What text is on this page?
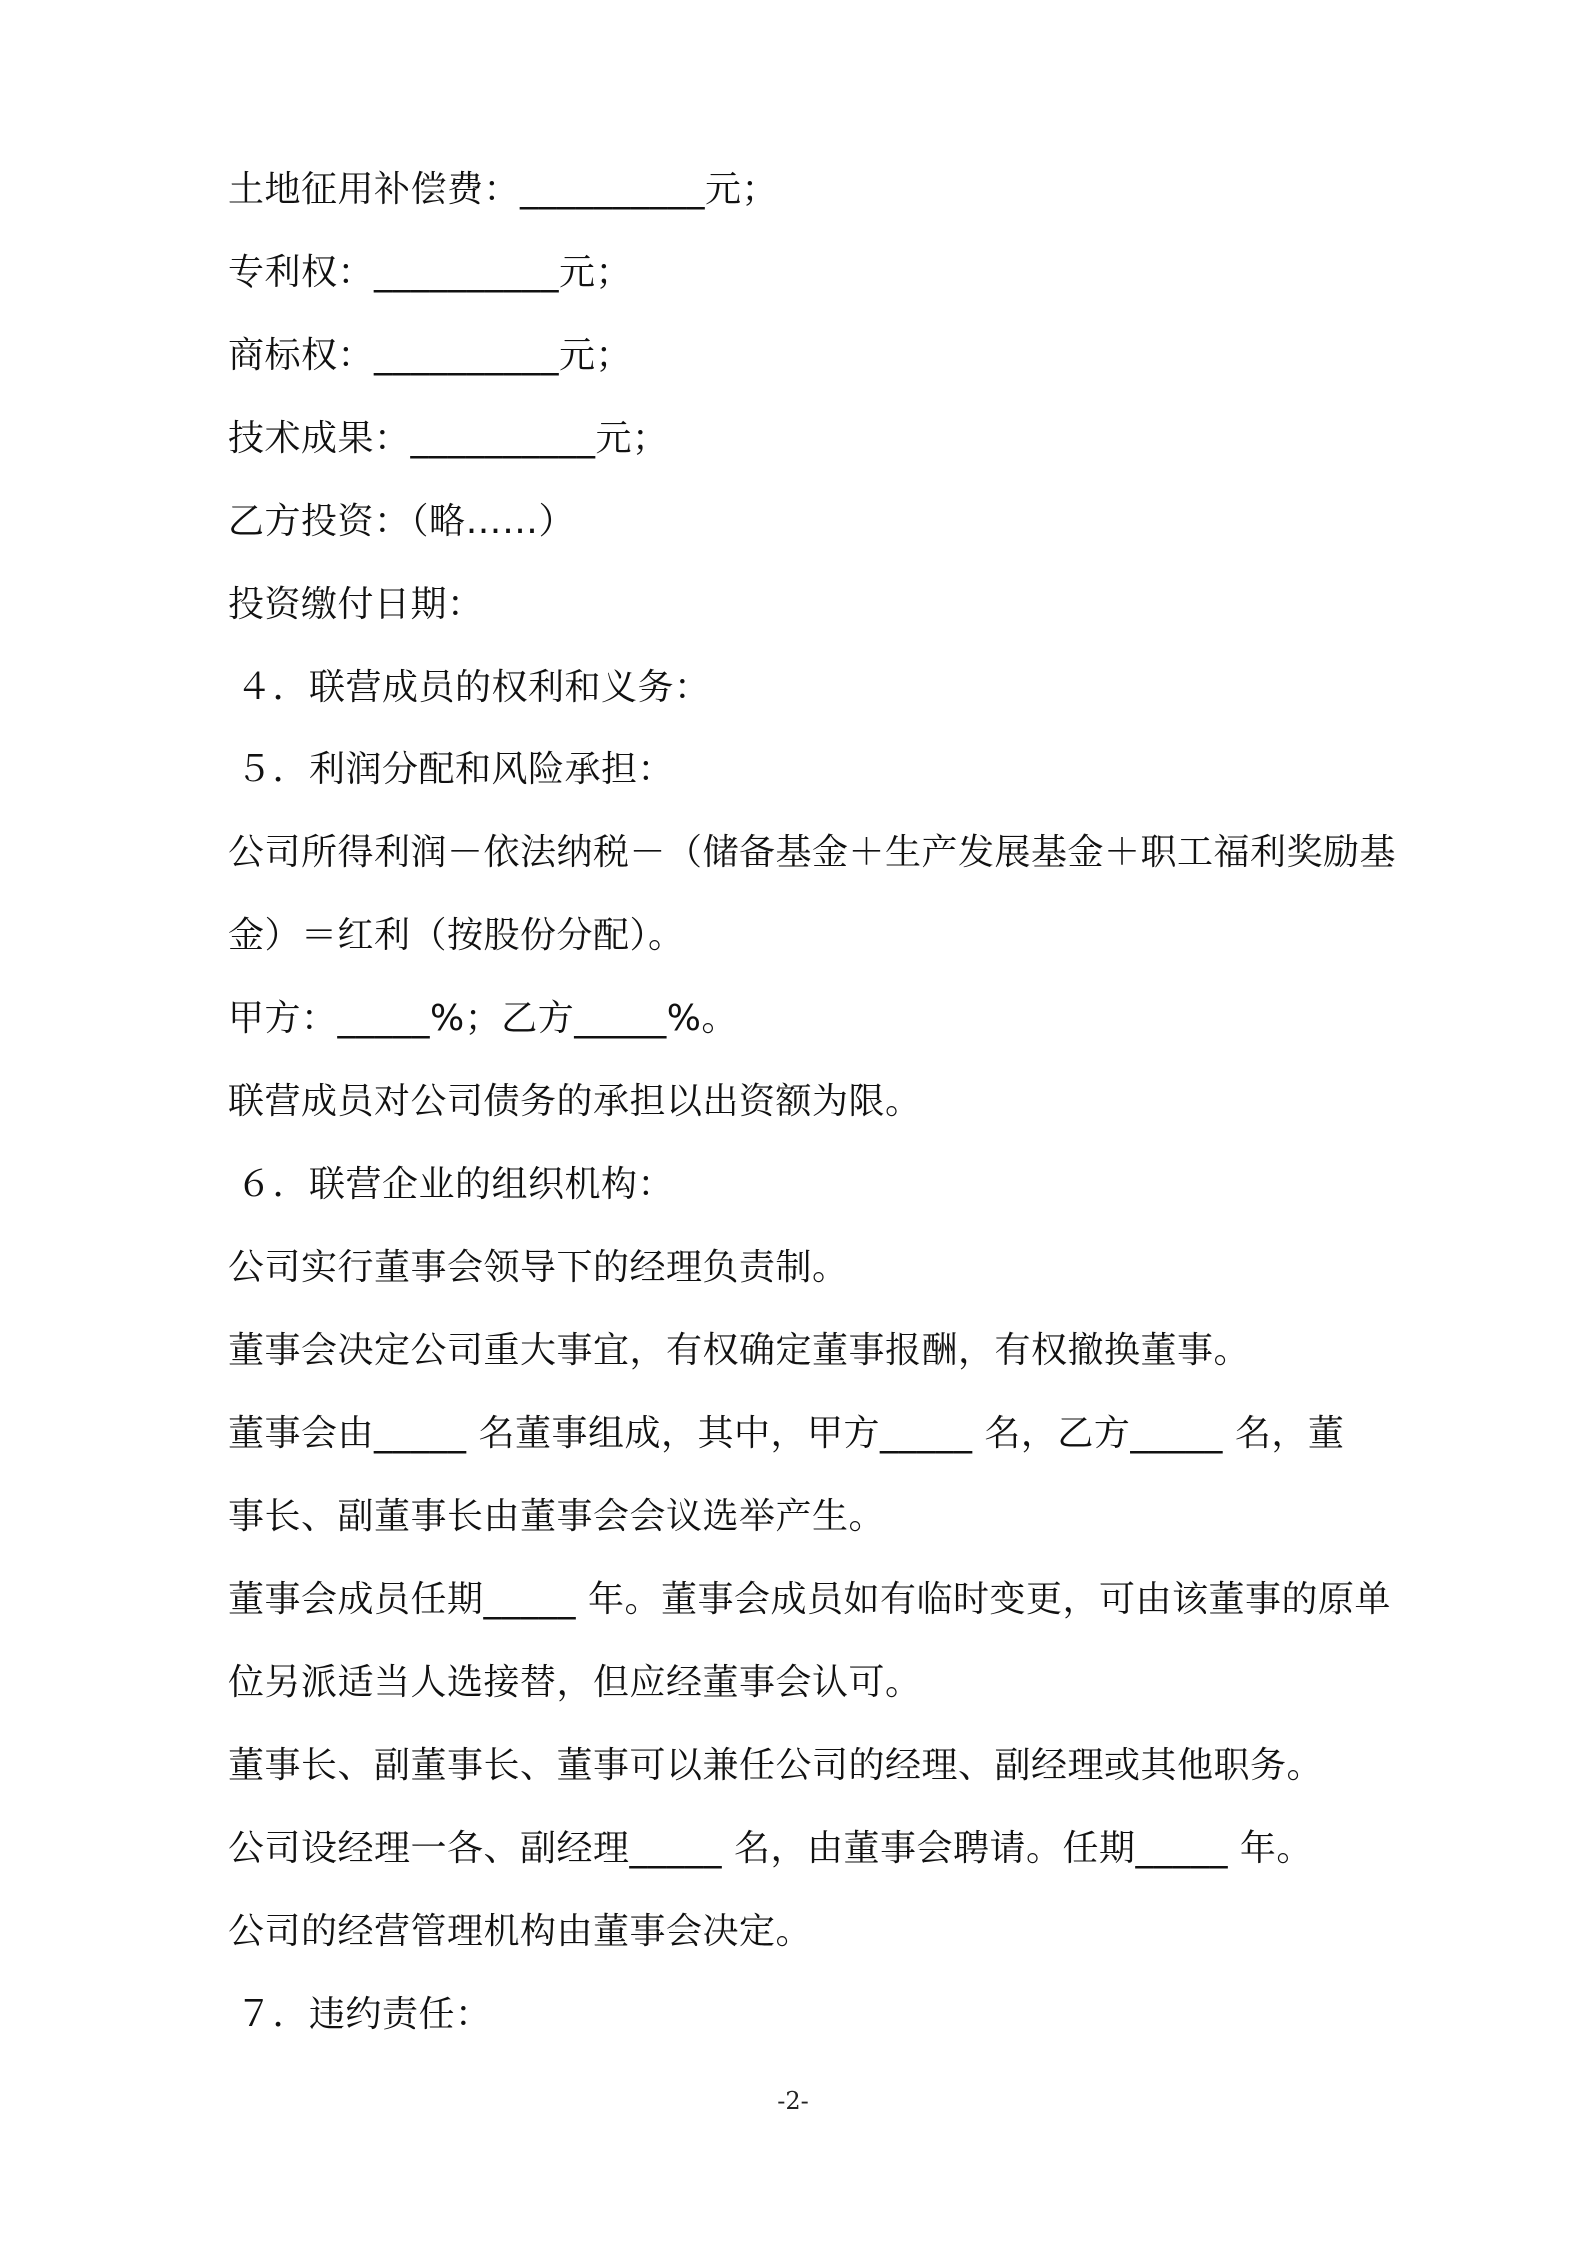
土地征用补偿费：__________元；
专利权：__________元；
商标权：__________元；
技术成果：__________元；
乙方投资：（略……）
投资缴付日期：
４．联营成员的权利和义务：
５．利润分配和风险承担：
公司所得利润－依法纳税－（储备基金＋生产发展基金＋职工福利奖励基
金）＝红利（按股份分配）。
甲方：_____%；乙方_____%。
联营成员对公司债务的承担以出资额为限。
６．联营企业的组织机构：
公司实行董事会领导下的经理负责制。
董事会决定公司重大事宜，有权确定董事报酬，有权撤换董事。
董事会由_____ 名董事组成，其中，甲方_____ 名，乙方_____ 名，董
事长、副董事长由董事会会议选举产生。
董事会成员任期_____ 年。董事会成员如有临时变更，可由该董事的原单
位另派适当人选接替，但应经董事会认可。
董事长、副董事长、董事可以兼任公司的经理、副经理或其他职务。
公司设经理一各、副经理_____ 名，由董事会聘请。任期_____ 年。
公司的经营管理机构由董事会决定。
７．违约责任：
-2-
